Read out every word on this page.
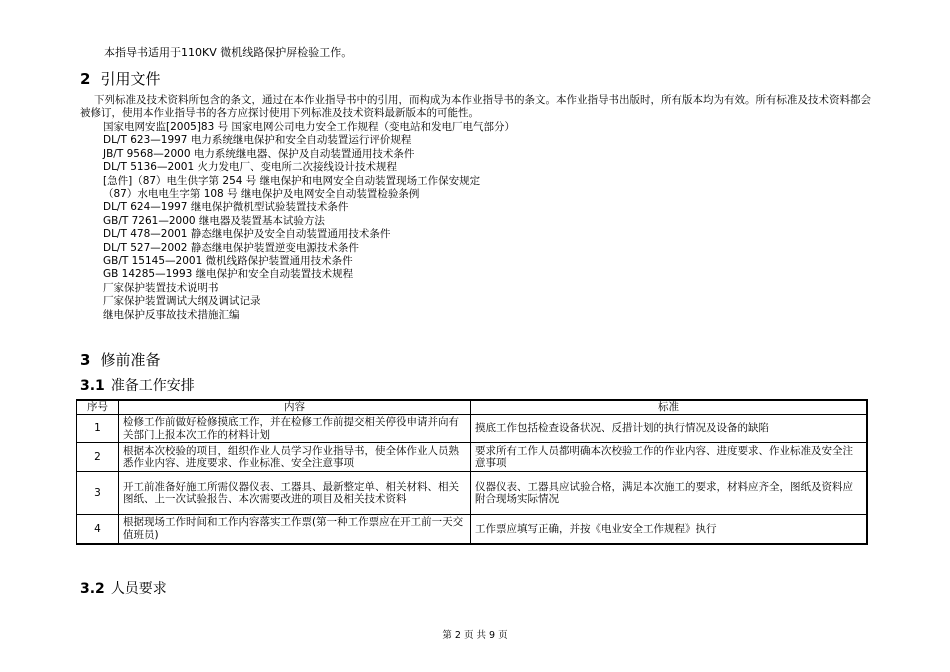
本指导书适用于110KV 微机线路保护屏检验工作。
2 引用文件
下列标准及技术资料所包含的条文，通过在本作业指导书中的引用，而构成为本作业指导书的条文。本作业指导书出版时，所有版本均为有效。所有标准及技术资料都会被修订，使用本作业指导书的各方应探讨使用下列标准及技术资料最新版本的可能性。
国家电网安监[2005]83 号 国家电网公司电力安全工作规程（变电站和发电厂电气部分）
DL/T 623—1997 电力系统继电保护和安全自动装置运行评价规程
JB/T 9568—2000 电力系统继电器、保护及自动装置通用技术条件
DL/T 5136—2001 火力发电厂、变电所二次接线设计技术规程
[急件]（87）电生供字第 254 号 继电保护和电网安全自动装置现场工作保安规定
（87）水电电生字第 108 号 继电保护及电网安全自动装置检验条例
DL/T 624—1997 继电保护微机型试验装置技术条件
GB/T 7261—2000 继电器及装置基本试验方法
DL/T 478—2001 静态继电保护及安全自动装置通用技术条件
DL/T 527—2002 静态继电保护装置逆变电源技术条件
GB/T 15145—2001 微机线路保护装置通用技术条件
GB 14285—1993 继电保护和安全自动装置技术规程
厂家保护装置技术说明书
厂家保护装置调试大纲及调试记录
继电保护反事故技术措施汇编
3 修前准备
3.1 准备工作安排
序号	内容	标准
1	检修工作前做好检修摸底工作，并在检修工作前提交相关停役申请并向有关部门上报本次工作的材料计划	摸底工作包括检查设备状况、反措计划的执行情况及设备的缺陷
2	根据本次校验的项目，组织作业人员学习作业指导书，使全体作业人员熟悉作业内容、进度要求、作业标准、安全注意事项	要求所有工作人员都明确本次校验工作的作业内容、进度要求、作业标准及安全注意事项
3	开工前准备好施工所需仪器仪表、工器具、最新整定单、相关材料、相关图纸、上一次试验报告、本次需要改进的项目及相关技术资料	仪器仪表、工器具应试验合格，满足本次施工的要求，材料应齐全，图纸及资料应附合现场实际情况
4	根据现场工作时间和工作内容落实工作票(第一种工作票应在开工前一天交值班员)	工作票应填写正确，并按《电业安全工作规程》执行
3.2 人员要求
第 2 页 共 9 页
